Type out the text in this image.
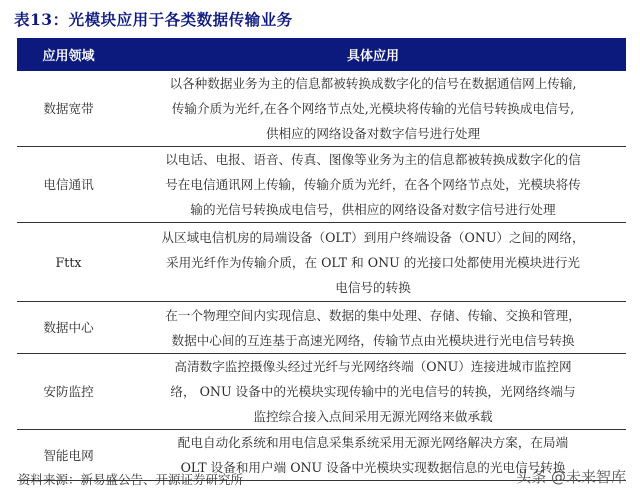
表13：光模块应用于各类数据传输业务
应用领域	具体应用
数据宽带	以各种数据业务为主的信息都被转换成数字化的信号在数据通信网上传输,
传输介质为光纤,在各个网络节点处,光模块将传输的光信号转换成电信号,
供相应的网络设备对数字信号进行处理

电信通讯	以电话、电报、语音、传真、图像等业务为主的信息都被转换成数字化的信
号在电信通讯网上传输，传输介质为光纤，在各个网络节点处，光模块将传
输的光信号转换成电信号，供相应的网络设备对数字信号进行处理

Fttx	从区域电信机房的局端设备（OLT）到用户终端设备（ONU）之间的网络，
采用光纤作为传输介质，在 OLT 和 ONU 的光接口处都使用光模块进行光
电信号的转换

数据中心	在一个物理空间内实现信息、数据的集中处理、存储、传输、交换和管理，
数据中心间的互连基于高速光网络，传输节点由光模块进行光电信号转换

安防监控	高清数字监控摄像头经过光纤与光网络终端（ONU）连接进城市监控网
络， ONU 设备中的光模块实现传输中的光电信号的转换，光网络终端与
监控综合接入点间采用无源光网络来做承载

智能电网	配电自动化系统和用电信息采集系统采用无源光网络解决方案，在局端
OLT 设备和用户端 ONU 设备中光模块实现数据信息的光电信号转换
资料来源：新易盛公告、开源证券研究所	头条 @未来智库
